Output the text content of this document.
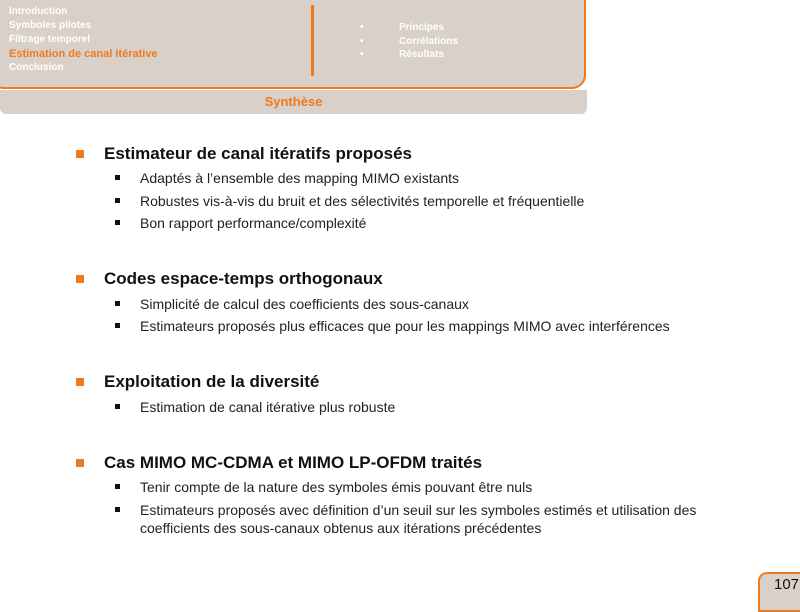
Introduction
Symboles pilotes
Filtrage temporel
Estimation de canal itérative
Conclusion
•	Principes
•	Corrélations
•	Résultats
Synthèse
Estimateur de canal itératifs proposés
Adaptés à l’ensemble des mapping MIMO existants
Robustes vis-à-vis du bruit et des sélectivités temporelle et fréquentielle
Bon rapport performance/complexité
Codes espace-temps orthogonaux
Simplicité de calcul des coefficients des sous-canaux
Estimateurs proposés plus efficaces que pour les mappings MIMO avec interférences
Exploitation de la diversité
Estimation de canal itérative plus robuste
Cas MIMO MC-CDMA et MIMO LP-OFDM traités
Tenir compte de la nature des symboles émis pouvant être nuls
Estimateurs proposés avec définition d’un seuil sur les symboles estimés et utilisation des coefficients des sous-canaux obtenus aux itérations précédentes
107
